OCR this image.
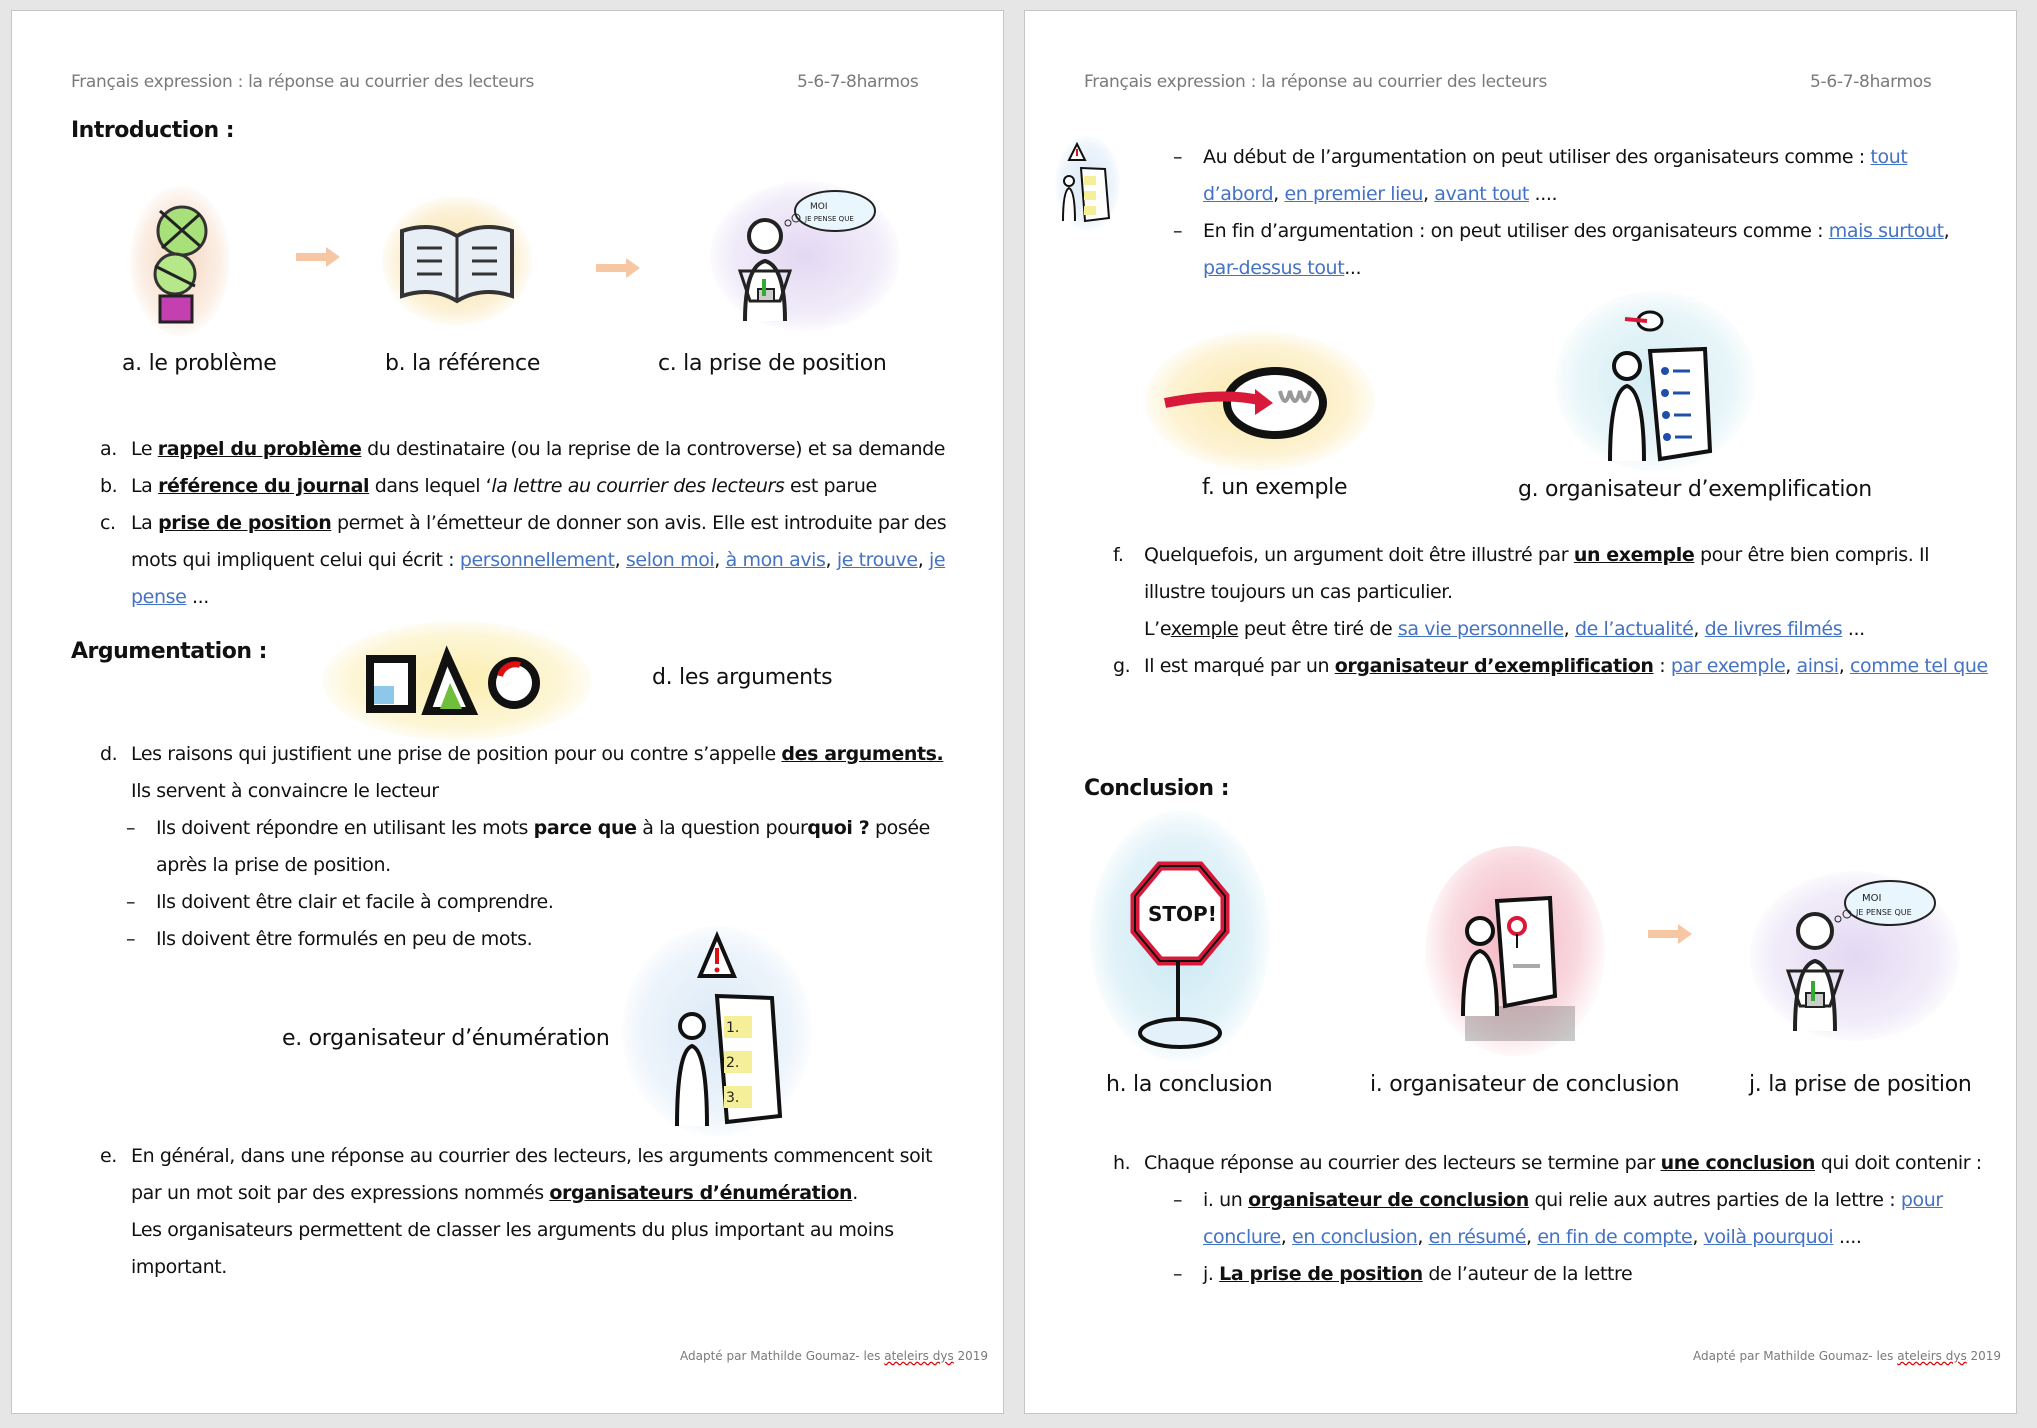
Français expression : la réponse au courrier des lecteurs	5-6-7-8harmos
Introduction :
MOI
JE PENSE QUE
a. le problème	b. la référence	c. la prise de position
a. Le rappel du problème du destinataire (ou la reprise de la controverse) et sa demande
b. La référence du journal dans lequel ‘la lettre au courrier des lecteurs est parue
c. La prise de position permet à l’émetteur de donner son avis. Elle est introduite par des
mots qui impliquent celui qui écrit : personnellement, selon moi, à mon avis, je trouve, je
pense ...
Argumentation :
d. les arguments
d. Les raisons qui justifient une prise de position pour ou contre s’appelle des arguments.
Ils servent à convaincre le lecteur
– Ils doivent répondre en utilisant les mots parce que à la question pourquoi ? posée
après la prise de position.
– Ils doivent être clair et facile à comprendre.
– Ils doivent être formulés en peu de mots.
1.
2.
3.
e. organisateur d’énumération
e. En général, dans une réponse au courrier des lecteurs, les arguments commencent soit
par un mot soit par des expressions nommés organisateurs d’énumération.
Les organisateurs permettent de classer les arguments du plus important au moins
important.
Adapté par Mathilde Goumaz- les ateleirs dys 2019
Français expression : la réponse au courrier des lecteurs	5-6-7-8harmos
– Au début de l’argumentation on peut utiliser des organisateurs comme : tout
d’abord, en premier lieu, avant tout ....
– En fin d’argumentation : on peut utiliser des organisateurs comme : mais surtout,
par-dessus tout...
f. un exemple	g. organisateur d’exemplification
f. Quelquefois, un argument doit être illustré par un exemple pour être bien compris. Il
illustre toujours un cas particulier.
L’exemple peut être tiré de sa vie personnelle, de l’actualité, de livres filmés ...
g. Il est marqué par un organisateur d’exemplification : par exemple, ainsi, comme tel que
Conclusion :
STOP!
MOI
JE PENSE QUE
h. la conclusion	i. organisateur de conclusion	j. la prise de position
h. Chaque réponse au courrier des lecteurs se termine par une conclusion qui doit contenir :
– i. un organisateur de conclusion qui relie aux autres parties de la lettre : pour
conclure, en conclusion, en résumé, en fin de compte, voilà pourquoi ....
– j. La prise de position de l’auteur de la lettre
Adapté par Mathilde Goumaz- les ateleirs dys 2019
